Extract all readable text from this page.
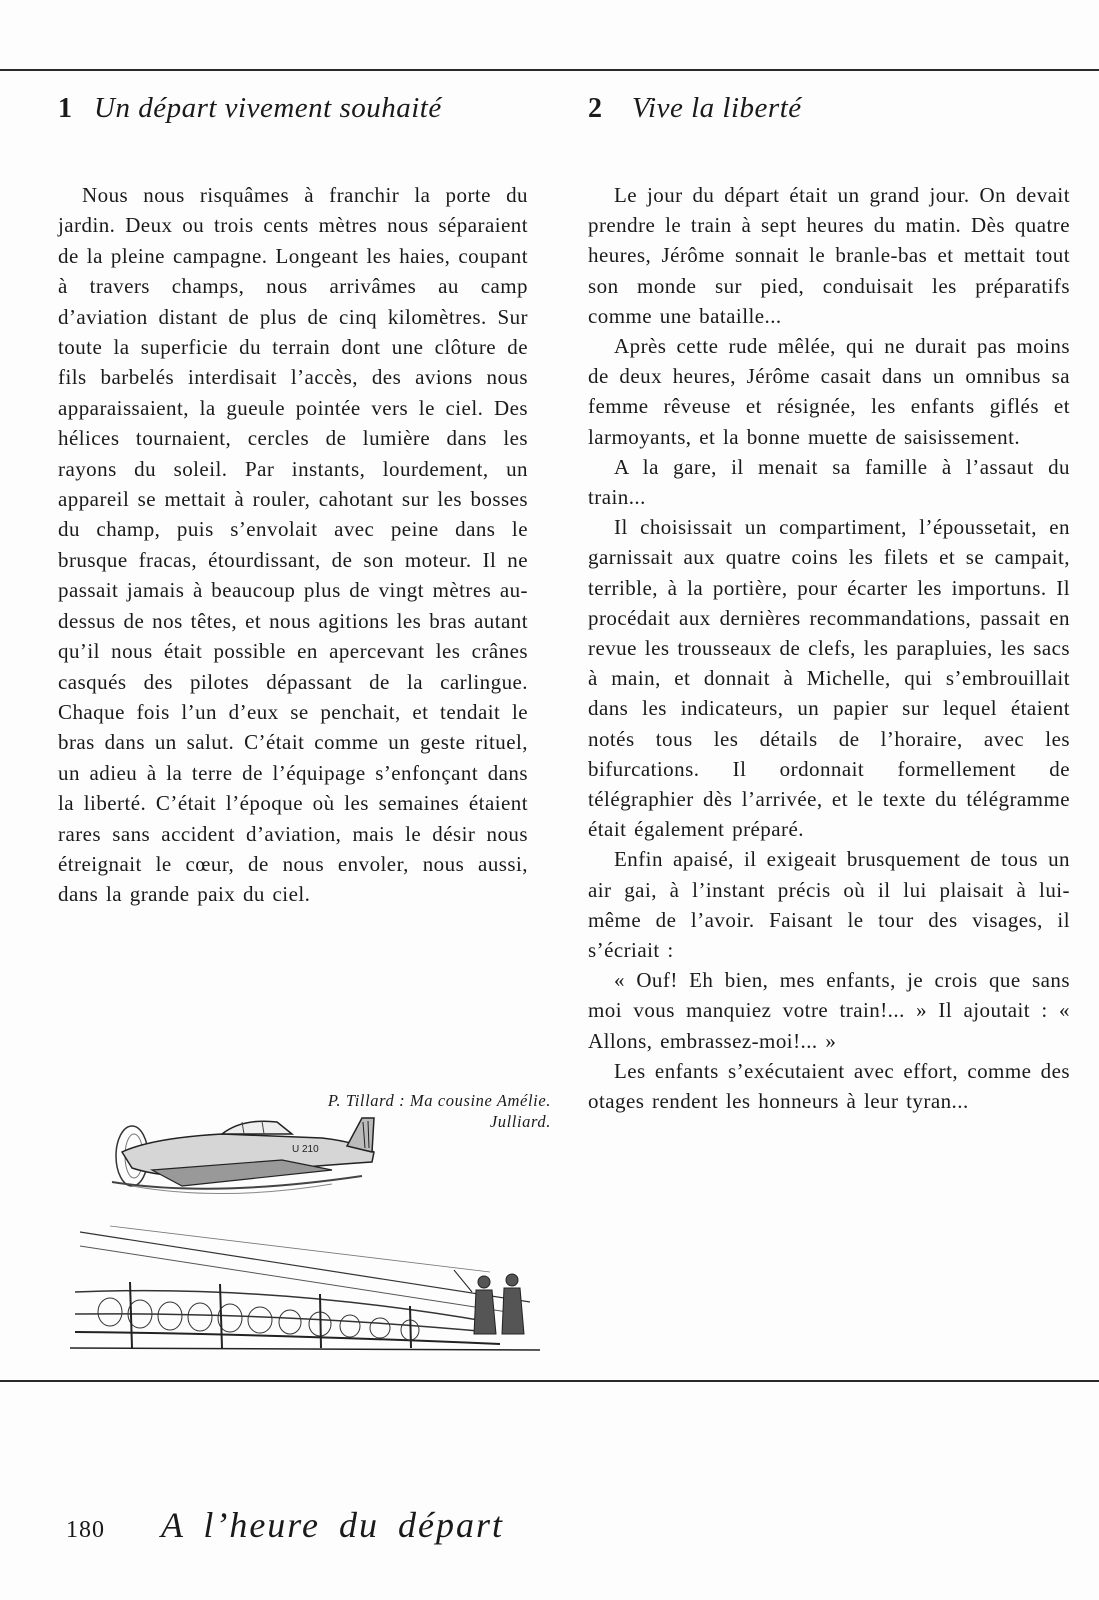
1 Un départ vivement souhaité

Nous nous risquâmes à franchir la porte du jardin. Deux ou trois cents mètres nous séparaient de la pleine campagne. Longeant les haies, coupant à travers champs, nous arrivâmes au camp d’aviation distant de plus de cinq kilomètres. Sur toute la superficie du terrain dont une clôture de fils barbelés interdisait l’accès, des avions nous apparaissaient, la gueule pointée vers le ciel. Des hélices tournaient, cercles de lumière dans les rayons du soleil. Par instants, lourdement, un appareil se mettait à rouler, cahotant sur les bosses du champ, puis s’envolait avec peine dans le brusque fracas, étourdissant, de son moteur. Il ne passait jamais à beaucoup plus de vingt mètres au-dessus de nos têtes, et nous agitions les bras autant qu’il nous était possible en apercevant les crânes casqués des pilotes dépassant de la carlingue. Chaque fois l’un d’eux se penchait, et tendait le bras dans un salut. C’était comme un geste rituel, un adieu à la terre de l’équipage s’enfonçant dans la liberté. C’était l’époque où les semaines étaient rares sans accident d’aviation, mais le désir nous étreignait le cœur, de nous envoler, nous aussi, dans la grande paix du ciel.

P. Tillard : Ma cousine Amélie.
Julliard.
U 210
2 Vive la liberté

Le jour du départ était un grand jour. On devait prendre le train à sept heures du matin. Dès quatre heures, Jérôme sonnait le branle-bas et mettait tout son monde sur pied, conduisait les préparatifs comme une bataille...

Après cette rude mêlée, qui ne durait pas moins de deux heures, Jérôme casait dans un omnibus sa femme rêveuse et résignée, les enfants giflés et larmoyants, et la bonne muette de saisissement.

A la gare, il menait sa famille à l’assaut du train...

Il choisissait un compartiment, l’époussetait, en garnissait aux quatre coins les filets et se campait, terrible, à la portière, pour écarter les importuns. Il procédait aux dernières recommandations, passait en revue les trousseaux de clefs, les parapluies, les sacs à main, et donnait à Michelle, qui s’embrouillait dans les indicateurs, un papier sur lequel étaient notés tous les détails de l’horaire, avec les bifurcations. Il ordonnait formellement de télégraphier dès l’arrivée, et le texte du télégramme était également préparé.

Enfin apaisé, il exigeait brusquement de tous un air gai, à l’instant précis où il lui plaisait à lui-même de l’avoir. Faisant le tour des visages, il s’écriait :

« Ouf! Eh bien, mes enfants, je crois que sans moi vous manquiez votre train!... » Il ajoutait : « Allons, embrassez-moi!... »

Les enfants s’exécutaient avec effort, comme des otages rendent les honneurs à leur tyran...

180 A l’heure du départ
